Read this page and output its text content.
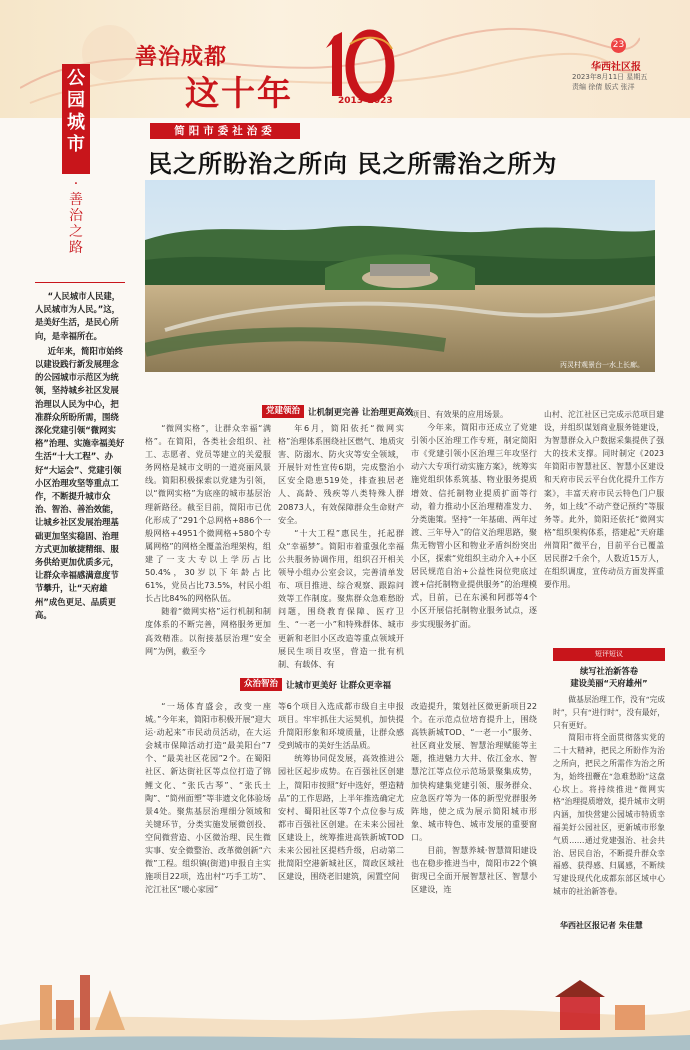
善治成都
这十年	2013–2023
23
华西社区报
2023年8月11日 星期五
责编 徐倩 版式 张洋
公
园
城
市
·
善
治
之
路

“人民城市人民建，人民城市为人民。”这，是美好生活，是民心所向，是幸福所在。

近年来，简阳市始终以建设践行新发展理念的公园城市示范区为统领，坚持城乡社区发展治理以人民为中心，把准群众所盼所需，围绕深化党建引领“微网实格”治理、实施幸福美好生活“十大工程”、办好“大运会”、党建引领小区治理攻坚等重点工作，不断提升城市众治、智治、善治效能，让城乡社区发展治理基础更加坚实稳固、治理方式更加敏捷精细、服务供给更加优质多元，让群众幸福感满意度节节攀升，让“天府雄州”成色更足、品质更高。

简阳市委社治委
民之所盼治之所向 民之所需治之所为
丙灵村观景台一水上长廊。
党建领治 让机制更完善 让治理更高效

“微网实格”，让群众幸福“满格”。在简阳，各类社会组织、社工、志愿者、党员等建立的关爱服务网格是城市文明的一道亮丽风景线。简阳积极探索以党建为引领，以“微网实格”为底座的城市基层治理新路径。截至目前，简阳市已优化形成了“291个总网格+886个一般网格+4951个微网格+580个专属网格”的网格全覆盖治理架构，组建了一支大专以上学历占比50.4%，30岁以下年龄占比61%，党员占比73.5%，村民小组长占比84%的网格队伍。

随着“微网实格”运行机制和制度体系的不断完善，网格服务更加高效精准。以衔接基层治理“安全网”为例，截至今

年6月，简阳依托“微网实格”治理体系围绕社区燃气、地质灾害、防溺水、防火灾等安全领域，开展针对性宣传6期，完成整治小区安全隐患519处，排查独居老人、高龄、残疾等八类特殊人群20873人，有效保障群众生命财产安全。

“十大工程”惠民生，托起群众“幸福梦”。简阳市着重强化幸福公共服务协调作用，组织召开相关领导小组办公室会议，完善清单发布、项目推进、综合观察、跟踪问效等工作制度。聚焦群众急难愁盼问题，围绕教育保障、医疗卫生、“一老一小”和特殊群体、城市更新和老旧小区改造等重点领域开展民生项目攻坚，营造一批有机制、有载体、有

项目、有效果的应用场景。

今年来，简阳市还成立了党建引领小区治理工作专班，制定简阳市《党建引领小区治理三年攻坚行动六大专项行动实施方案》，统筹实施党组织体系筑基、物业服务提质增效、信托制物业提质扩面等行动，着力推动小区治理精准发力、分类施策。坚持“一年基础、两年过渡、三年导入”的信义治理思路，聚焦无物管小区和物业矛盾纠纷突出小区，探索“党组织主动介入+小区居民规范自治+公益性岗位兜底过渡+信托制物业提供服务”的治理模式，目前，已在东溪和阿郡等4个小区开展信托制物业服务试点，逐步实现服务扩面。

山村、沱江社区已完成示范项目建设，并组织谋划商业服务链建设，为智慧群众入户数据采集提供了强大的技术支撑。同时制定《2023年简阳市智慧社区、智慧小区建设和天府市民云平台优化提升工作方案》，丰富天府市民云特色门户服务，如上线“不动产登记预约”等服务等。此外，简阳还依托“微网实格”组织架构体系，搭建起“天府雄州简阳”微平台，目前平台已覆盖居民群2千余个，人数近15万人，在组织调度，宣传动员方面发挥重要作用。

众治智治 让城市更美好 让群众更幸福

“一场体育盛会，改变一座城。”今年来，简阳市积极开展“迎大运·动起来”市民动员活动，在大运会城市保障活动打造“最美阳台”7个、“最美社区花园”2个。在蜀阳社区、新达街社区等点位打造了锦鲤文化、“张氏古琴”、“张氏土陶”、“简州面塑”等非遗文化体验场景4处。聚焦基层治理细分领域和关键环节，分类实施发展微创投、空间微营造、小区微治理、民生微实事、安全微整治、改革微创新“六微”工程。组织镇(街道)申报自主实施项目22项，选出村“巧手工坊”、沱江社区“暖心家园”

等6个项目入选成都市级自主申报项目。牢牢抓住大运契机，加快提升简阳形象和环境质量，让群众感受到城市的美好生活品质。

统筹协同促发展，高效推进公园社区起步成势。在百强社区创建上，简阳市按照“好中选好，塑造精品”的工作思路，上半年推选确定尤安村、蜀阳社区等7个点位参与成都市百强社区创建。在未来公园社区建设上，统筹推进高铁新城TOD未来公园社区提档升级，启动第二批简阳空港新城社区，简政区域社区建设，围绕老旧建筑，闲置空间

改造提升，策划社区微更新项目22个。在示范点位培育提升上，围绕高铁新城TOD、“一老一小”服务、社区商业发展、智慧治理赋能等主题，推进魅力大井、依江金水、智慧沱江等点位示范场景聚集成势，加快构建集党建引领、服务群众、应急医疗等为一体的新型党群服务阵地，使之成为展示简阳城市形象、城市特色、城市发展的重要窗口。

目前，智慧养城·智慧简阳建设也在稳步推进当中，简阳市22个镇街现已全面开展智慧社区、智慧小区建设，连

短评短议
续写社治新答卷
建设美丽“天府雄州”

做基层治理工作，没有“完成时”，只有“进行时”，没有最好，只有更好。

简阳市将全面贯彻落实党的二十大精神，把民之所盼作为治之所向，把民之所需作为治之所为，始终扭鞭在“急难愁盼”这盘心坎上。将持续推进“微网实格”治理提质增效，提升城市文明内涵，加快营建公园城市特质幸福美好公园社区，更新城市形象气质……通过党建强治、社会共治、居民自治，不断提升群众幸福感、获得感、归属感，不断续写建设现代化成都东部区域中心城市的社治新答卷。

华西社区报记者 朱佳慧
